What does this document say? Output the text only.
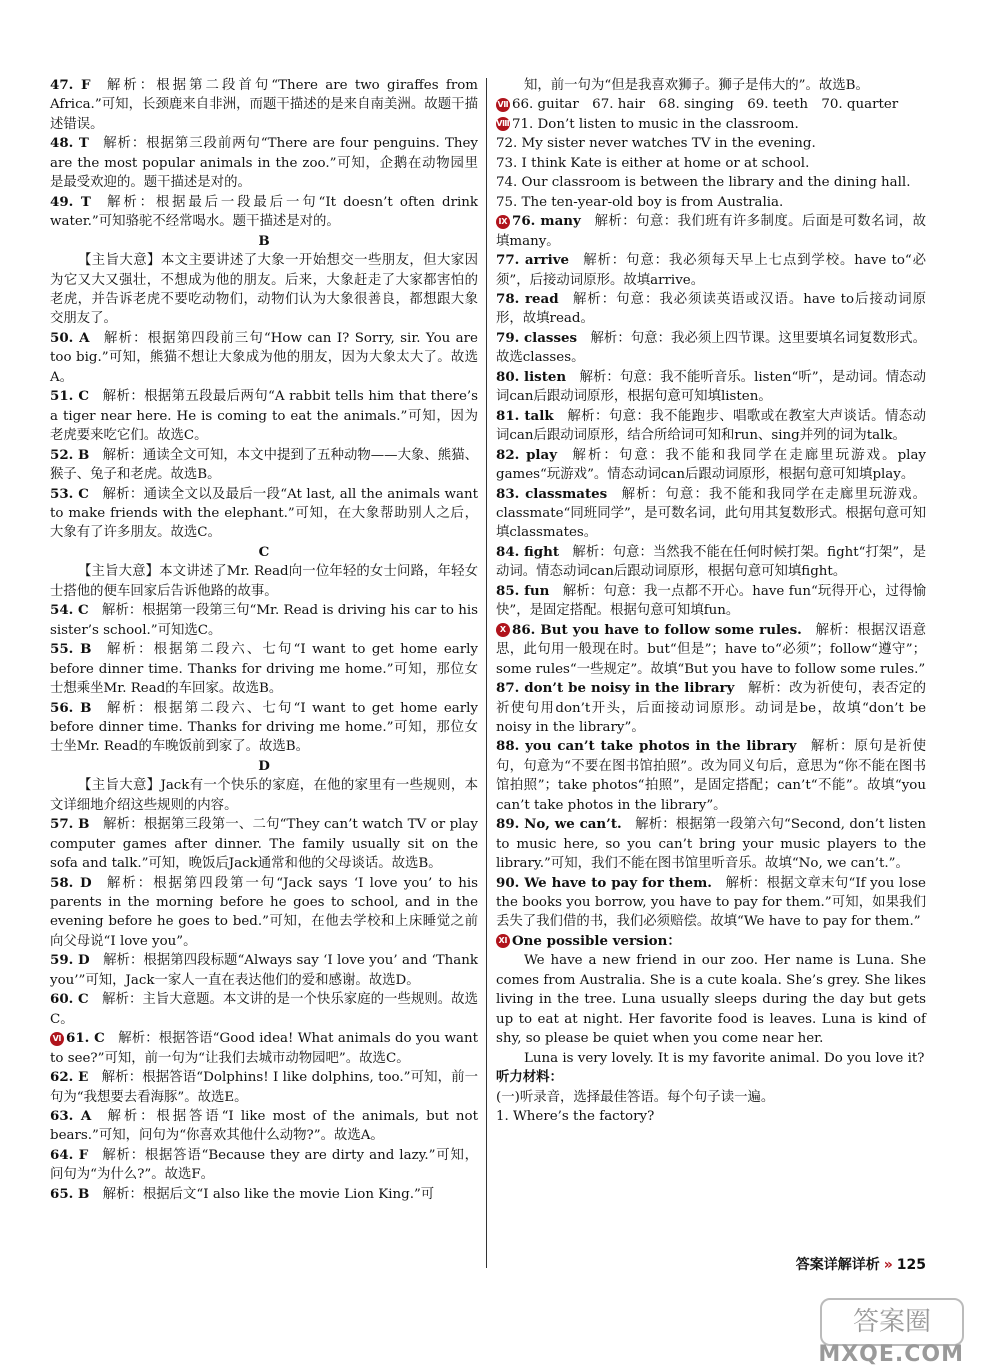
47. F  解析：根据第二段首句“There are two giraffes from Africa.”可知，长颈鹿来自非洲，而题干描述的是来自南美洲。故题干描述错误。

48. T  解析：根据第三段前两句“There are four penguins. They are the most popular animals in the zoo.”可知，企鹅在动物园里是最受欢迎的。题干描述是对的。

49. T  解析：根据最后一段最后一句“It doesn’t often drink water.”可知骆驼不经常喝水。题干描述是对的。

B

【主旨大意】本文主要讲述了大象一开始想交一些朋友，但大家因为它又大又强壮，不想成为他的朋友。后来，大象赶走了大家都害怕的老虎，并告诉老虎不要吃动物们，动物们认为大象很善良，都想跟大象交朋友了。

50. A  解析：根据第四段前三句“How can I? Sorry, sir. You are too big.”可知，熊猫不想让大象成为他的朋友，因为大象太大了。故选A。

51. C  解析：根据第五段最后两句“A rabbit tells him that there’s a tiger near here. He is coming to eat the animals.”可知，因为老虎要来吃它们。故选C。

52. B  解析：通读全文可知，本文中提到了五种动物——大象、熊猫、猴子、兔子和老虎。故选B。

53. C  解析：通读全文以及最后一段“At last, all the animals want to make friends with the elephant.”可知，在大象帮助别人之后，大象有了许多朋友。故选C。

C

【主旨大意】本文讲述了Mr. Read向一位年轻的女士问路，年轻女士搭他的便车回家后告诉他路的故事。

54. C  解析：根据第一段第三句“Mr. Read is driving his car to his sister’s school.”可知选C。

55. B  解析：根据第二段六、七句“I want to get home early before dinner time. Thanks for driving me home.”可知，那位女士想乘坐Mr. Read的车回家。故选B。

56. B  解析：根据第二段六、七句“I want to get home early before dinner time. Thanks for driving me home.”可知，那位女士坐Mr. Read的车晚饭前到家了。故选B。

D

【主旨大意】Jack有一个快乐的家庭，在他的家里有一些规则，本文详细地介绍这些规则的内容。

57. B  解析：根据第三段第一、二句“They can’t watch TV or play computer games after dinner. The family usually sit on the sofa and talk.”可知，晚饭后Jack通常和他的父母谈话。故选B。

58. D  解析：根据第四段第一句“Jack says ‘I love you’ to his parents in the morning before he goes to school, and in the evening before he goes to bed.”可知，在他去学校和上床睡觉之前向父母说“I love you”。

59. D  解析：根据第四段标题“Always say ‘I love you’ and ‘Thank you’”可知，Jack一家人一直在表达他们的爱和感谢。故选D。

60. C  解析：主旨大意题。本文讲的是一个快乐家庭的一些规则。故选C。

Ⅵ 61. C  解析：根据答语“Good idea! What animals do you want to see?”可知，前一句为“让我们去城市动物园吧”。故选C。

62. E  解析：根据答语“Dolphins! I like dolphins, too.”可知，前一句为“我想要去看海豚”。故选E。

63. A  解析：根据答语“I like most of the animals, but not bears.”可知，问句为“你喜欢其他什么动物?”。故选A。

64. F  解析：根据答语“Because they are dirty and lazy.”可知，问句为“为什么?”。故选F。

65. B  解析：根据后文“I also like the movie Lion King.”可

知，前一句为“但是我喜欢狮子。狮子是伟大的”。故选B。

Ⅶ 66. guitar　67. hair　68. singing　69. teeth　70. quarter

Ⅷ 71. Don’t listen to music in the classroom.

72. My sister never watches TV in the evening.

73. I think Kate is either at home or at school.

74. Our classroom is between the library and the dining hall.

75. The ten-year-old boy is from Australia.

Ⅸ 76. many  解析：句意：我们班有许多制度。后面是可数名词，故填many。

77. arrive  解析：句意：我必须每天早上七点到学校。have to“必须”，后接动词原形。故填arrive。

78. read  解析：句意：我必须读英语或汉语。have to后接动词原形，故填read。

79. classes  解析：句意：我必须上四节课。这里要填名词复数形式。故选classes。

80. listen  解析：句意：我不能听音乐。listen“听”，是动词。情态动词can后跟动词原形，根据句意可知填listen。

81. talk  解析：句意：我不能跑步、唱歌或在教室大声谈话。情态动词can后跟动词原形，结合所给词可知和run、sing并列的词为talk。

82. play  解析：句意：我不能和我同学在走廊里玩游戏。play games“玩游戏”。情态动词can后跟动词原形，根据句意可知填play。

83. classmates  解析：句意：我不能和我同学在走廊里玩游戏。classmate“同班同学”，是可数名词，此句用其复数形式。根据句意可知填classmates。

84. fight  解析：句意：当然我不能在任何时候打架。fight“打架”，是动词。情态动词can后跟动词原形，根据句意可知填fight。

85. fun  解析：句意：我一点都不开心。have fun“玩得开心，过得愉快”，是固定搭配。根据句意可知填fun。

Ⅹ 86. But you have to follow some rules.  解析：根据汉语意思，此句用一般现在时。but“但是”；have to“必须”；follow“遵守”；some rules“一些规定”。故填“But you have to follow some rules.”

87. don’t be noisy in the library  解析：改为祈使句，表否定的祈使句用don’t开头，后面接动词原形。动词是be，故填“don’t be noisy in the library”。

88. you can’t take photos in the library  解析：原句是祈使句，句意为“不要在图书馆拍照”。改为同义句后，意思为“你不能在图书馆拍照”；take photos“拍照”，是固定搭配；can’t“不能”。故填“you can’t take photos in the library”。

89. No, we can’t.  解析：根据第一段第六句“Second, don’t listen to music here, so you can’t bring your music players to the library.”可知，我们不能在图书馆里听音乐。故填“No, we can’t.”。

90. We have to pay for them.  解析：根据文章末句“If you lose the books you borrow, you have to pay for them.”可知，如果我们丢失了我们借的书，我们必须赔偿。故填“We have to pay for them.”

Ⅺ One possible version：

We have a new friend in our zoo. Her name is Luna. She comes from Australia. She is a cute koala. She’s grey. She likes living in the tree. Luna usually sleeps during the day but gets up to eat at night. Her favorite food is leaves. Luna is kind of shy, so please be quiet when you come near her.

Luna is very lovely. It is my favorite animal. Do you love it?

听力材料：

(一)听录音，选择最佳答语。每个句子读一遍。

1. Where’s the factory?

答案详解详析 » 125
答案圈
MXQE.COM
